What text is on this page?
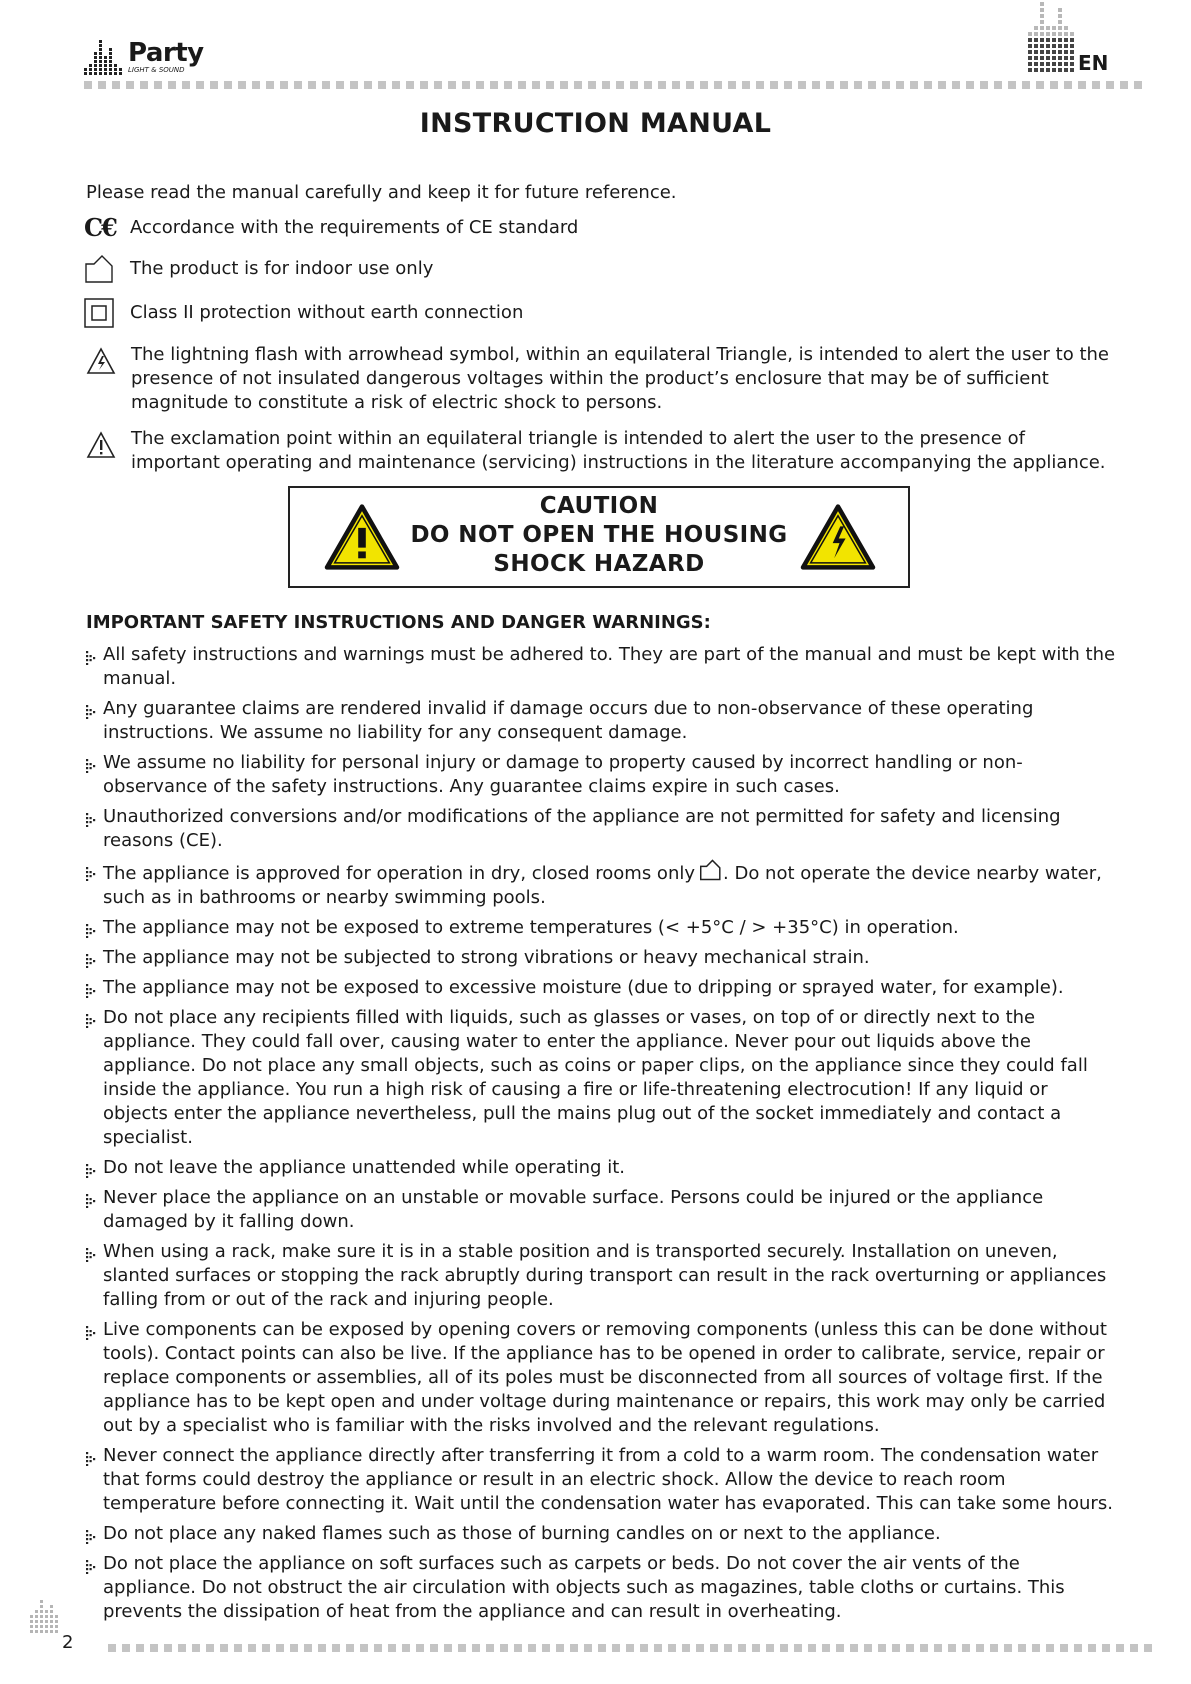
Party
LIGHT & SOUND	EN
INSTRUCTION MANUAL
Please read the manual carefully and keep it for future reference.
C€ Accordance with the requirements of CE standard
The product is for indoor use only
Class II protection without earth connection
The lightning flash with arrowhead symbol, within an equilateral Triangle, is intended to alert the user to the presence of not insulated dangerous voltages within the product’s enclosure that may be of sufficient magnitude to constitute a risk of electric shock to persons.
The exclamation point within an equilateral triangle is intended to alert the user to the presence of important operating and maintenance (servicing) instructions in the literature accompanying the appliance.
CAUTION
DO NOT OPEN THE HOUSING
SHOCK HAZARD
IMPORTANT SAFETY INSTRUCTIONS AND DANGER WARNINGS:
All safety instructions and warnings must be adhered to. They are part of the manual and must be kept with the manual.
Any guarantee claims are rendered invalid if damage occurs due to non-observance of these operating instructions. We assume no liability for any consequent damage.
We assume no liability for personal injury or damage to property caused by incorrect handling or non-observance of the safety instructions. Any guarantee claims expire in such cases.
Unauthorized conversions and/or modifications of the appliance are not permitted for safety and licensing reasons (CE).
The appliance is approved for operation in dry, closed rooms only . Do not operate the device nearby water, such as in bathrooms or nearby swimming pools.
The appliance may not be exposed to extreme temperatures (< +5°C / > +35°C) in operation.
The appliance may not be subjected to strong vibrations or heavy mechanical strain.
The appliance may not be exposed to excessive moisture (due to dripping or sprayed water, for example).
Do not place any recipients filled with liquids, such as glasses or vases, on top of or directly next to the appliance. They could fall over, causing water to enter the appliance. Never pour out liquids above the appliance. Do not place any small objects, such as coins or paper clips, on the appliance since they could fall inside the appliance. You run a high risk of causing a fire or life-threatening electrocution! If any liquid or objects enter the appliance nevertheless, pull the mains plug out of the socket immediately and contact a specialist.
Do not leave the appliance unattended while operating it.
Never place the appliance on an unstable or movable surface. Persons could be injured or the appliance damaged by it falling down.
When using a rack, make sure it is in a stable position and is transported securely. Installation on uneven, slanted surfaces or stopping the rack abruptly during transport can result in the rack overturning or appliances falling from or out of the rack and injuring people.
Live components can be exposed by opening covers or removing components (unless this can be done without tools). Contact points can also be live. If the appliance has to be opened in order to calibrate, service, repair or replace components or assemblies, all of its poles must be disconnected from all sources of voltage first. If the appliance has to be kept open and under voltage during maintenance or repairs, this work may only be carried out by a specialist who is familiar with the risks involved and the relevant regulations.
Never connect the appliance directly after transferring it from a cold to a warm room. The condensation water that forms could destroy the appliance or result in an electric shock. Allow the device to reach room temperature before connecting it. Wait until the condensation water has evaporated. This can take some hours.
Do not place any naked flames such as those of burning candles on or next to the appliance.
Do not place the appliance on soft surfaces such as carpets or beds. Do not cover the air vents of the appliance. Do not obstruct the air circulation with objects such as magazines, table cloths or curtains. This prevents the dissipation of heat from the appliance and can result in overheating.
2
